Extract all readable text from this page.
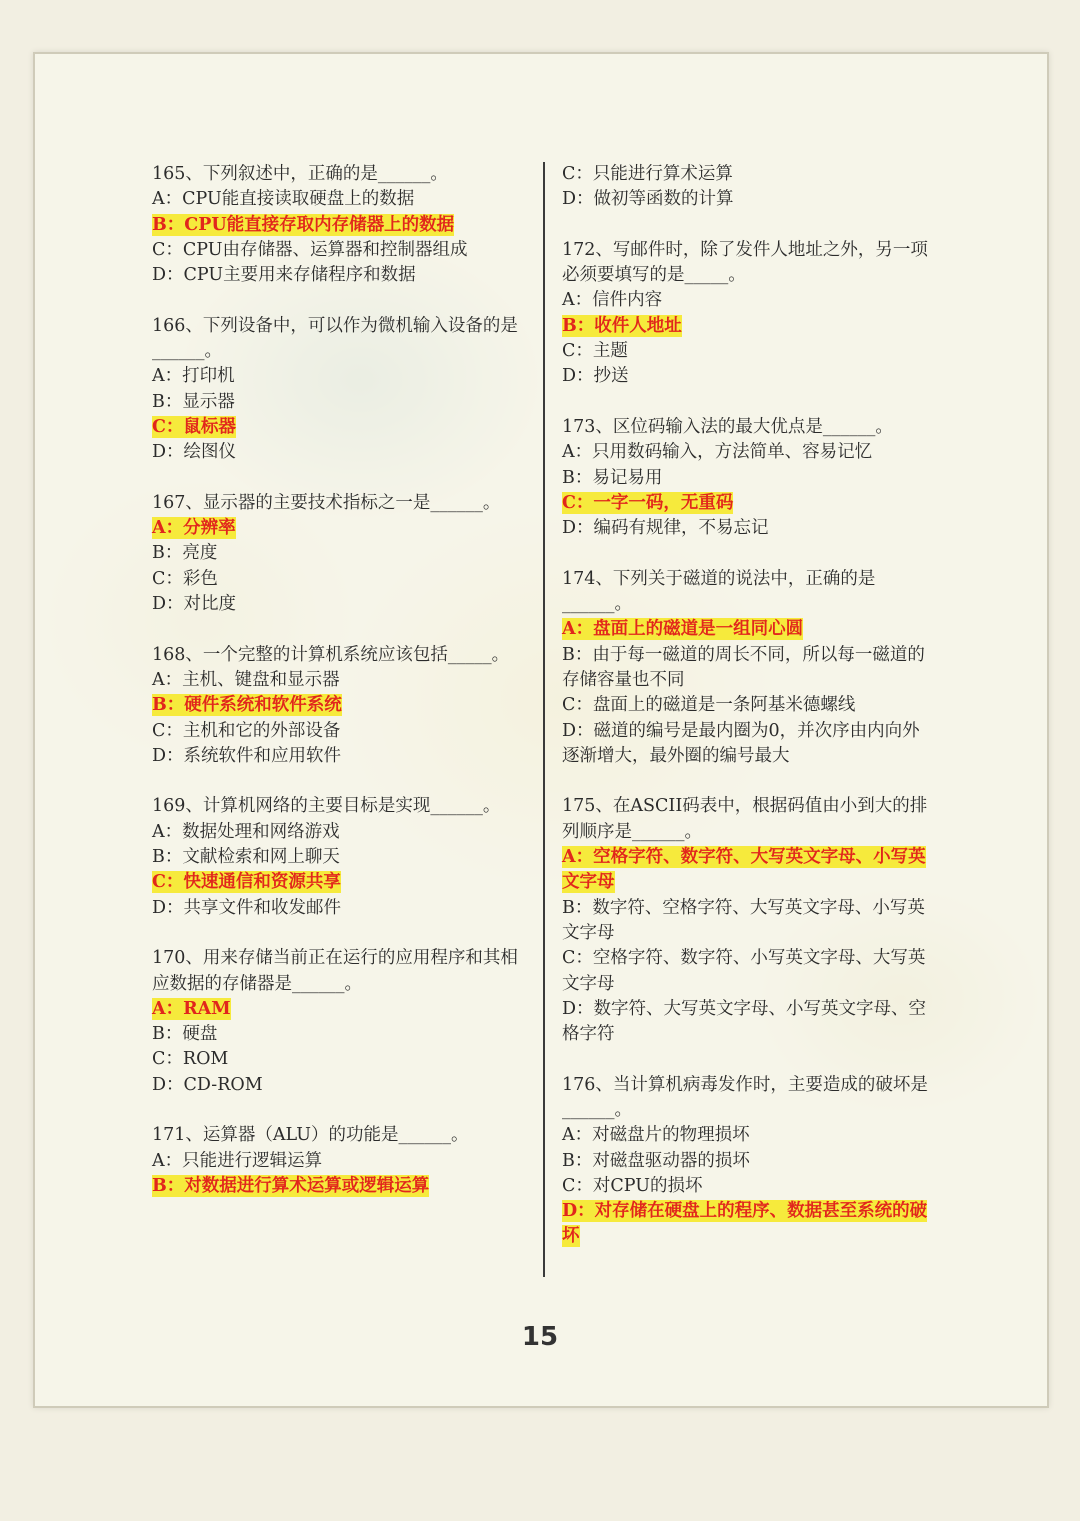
165、下列叙述中，正确的是______。
A：CPU能直接读取硬盘上的数据
B：CPU能直接存取内存储器上的数据
C：CPU由存储器、运算器和控制器组成
D：CPU主要用来存储程序和数据
166、下列设备中，可以作为微机输入设备的是______。
A：打印机
B：显示器
C：鼠标器
D：绘图仪
167、显示器的主要技术指标之一是______。
A：分辨率
B：亮度
C：彩色
D：对比度
168、一个完整的计算机系统应该包括_____。
A：主机、键盘和显示器
B：硬件系统和软件系统
C：主机和它的外部设备
D：系统软件和应用软件
169、计算机网络的主要目标是实现______。
A：数据处理和网络游戏
B：文献检索和网上聊天
C：快速通信和资源共享
D：共享文件和收发邮件
170、用来存储当前正在运行的应用程序和其相应数据的存储器是______。
A：RAM
B：硬盘
C：ROM
D：CD-ROM
171、运算器（ALU）的功能是______。
A：只能进行逻辑运算
B：对数据进行算术运算或逻辑运算
C：只能进行算术运算
D：做初等函数的计算
172、写邮件时，除了发件人地址之外，另一项必须要填写的是_____。
A：信件内容
B：收件人地址
C：主题
D：抄送
173、区位码输入法的最大优点是______。
A：只用数码输入，方法简单、容易记忆
B：易记易用
C：一字一码，无重码
D：编码有规律，不易忘记
174、下列关于磁道的说法中，正确的是______。
A：盘面上的磁道是一组同心圆
B：由于每一磁道的周长不同，所以每一磁道的存储容量也不同
C：盘面上的磁道是一条阿基米德螺线
D：磁道的编号是最内圈为0，并次序由内向外逐渐增大，最外圈的编号最大
175、在ASCII码表中，根据码值由小到大的排列顺序是______。
A：空格字符、数字符、大写英文字母、小写英文字母
B：数字符、空格字符、大写英文字母、小写英文字母
C：空格字符、数字符、小写英文字母、大写英文字母
D：数字符、大写英文字母、小写英文字母、空格字符
176、当计算机病毒发作时，主要造成的破坏是______。
A：对磁盘片的物理损坏
B：对磁盘驱动器的损坏
C：对CPU的损坏
D：对存储在硬盘上的程序、数据甚至系统的破坏
15
